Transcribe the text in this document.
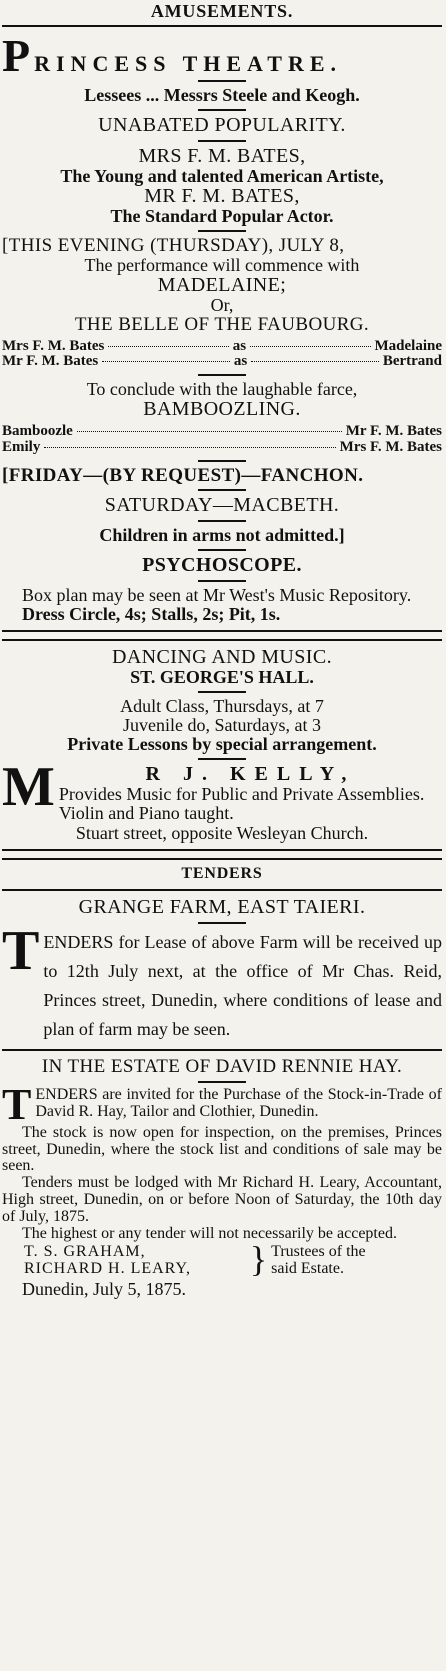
AMUSEMENTS.
P RINCESS THEATRE.
Lessees ... Messrs Steele and Keogh.
UNABATED POPULARITY.
MRS F. M. BATES,
The Young and talented American Artiste,
MR F. M. BATES,
The Standard Popular Actor.
[THIS EVENING (THURSDAY), JULY 8,
The performance will commence with
MADELAINE;
Or,
THE BELLE OF THE FAUBOURG.
Mrs F. M. Bates	as	Madelaine
Mr F. M. Bates	as	Bertrand
To conclude with the laughable farce,
BAMBOOZLING.
Bamboozle	Mr F. M. Bates
Emily	Mrs F. M. Bates
[FRIDAY—(BY REQUEST)—FANCHON.
SATURDAY—MACBETH.
Children in arms not admitted.]
PSYCHOSCOPE.
Box plan may be seen at Mr West's Music Repository.
Dress Circle, 4s; Stalls, 2s; Pit, 1s.
DANCING AND MUSIC.
ST. GEORGE'S HALL.
Adult Class, Thursdays, at 7
Juvenile do, Saturdays, at 3
Private Lessons by special arrangement.
M	R J. KELLY,
Provides Music for Public and Private Assemblies. Violin and Piano taught.
Stuart street, opposite Wesleyan Church.
TENDERS
GRANGE FARM, EAST TAIERI.
T ENDERS for Lease of above Farm will be received up to 12th July next, at the office of Mr Chas. Reid, Princes street, Dunedin, where conditions of lease and plan of farm may be seen.

IN THE ESTATE OF DAVID RENNIE HAY.
T ENDERS are invited for the Purchase of the Stock-in-Trade of David R. Hay, Tailor and Clothier, Dunedin.

The stock is now open for inspection, on the premises, Princes street, Dunedin, where the stock list and conditions of sale may be seen.

Tenders must be lodged with Mr Richard H. Leary, Accountant, High street, Dunedin, on or before Noon of Saturday, the 10th day of July, 1875.

The highest or any tender will not necessarily be accepted.

T. S. GRAHAM,
RICHARD H. LEARY,	} Trustees of the said Estate.
Dunedin, July 5, 1875.
